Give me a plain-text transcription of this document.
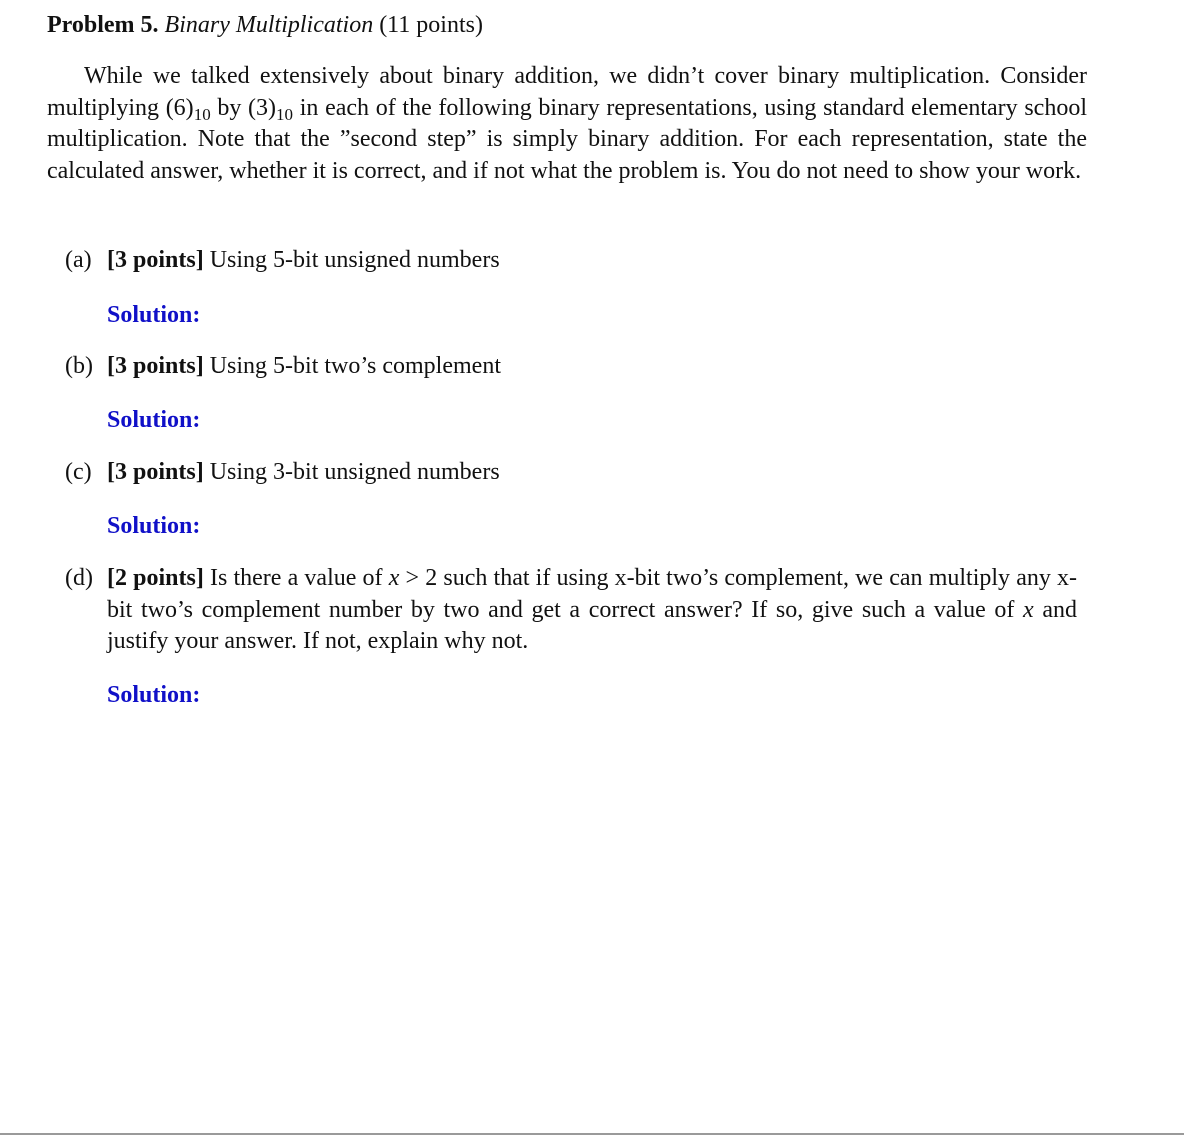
Problem 5. Binary Multiplication (11 points)

While we talked extensively about binary addition, we didn’t cover binary multiplication. Consider multiplying $(6)_{10}$ by $(3)_{10}$ in each of the following binary representations, using standard elementary school multiplication. Note that the ”second step” is simply binary addition. For each representation, state the calculated answer, whether it is correct, and if not what the problem is. You do not need to show your work.

(a) [3 points] Using 5-bit unsigned numbers
Solution:
(b) [3 points] Using 5-bit two’s complement
Solution:
(c) [3 points] Using 3-bit unsigned numbers
Solution:
(d) [2 points] Is there a value of x > 2 such that if using x-bit two’s complement, we can multiply any x-bit two’s complement number by two and get a correct answer? If so, give such a value of x and justify your answer. If not, explain why not.
Solution:
